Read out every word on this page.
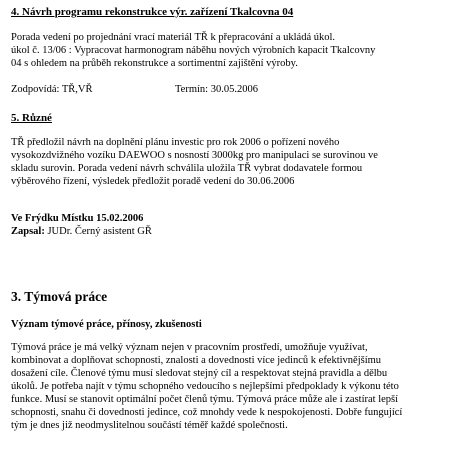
4. Návrh programu rekonstrukce výr. zařízení Tkalcovna 04
Porada vedení po projednání vrací materiál TŘ k přepracování a ukládá úkol.
úkol č. 13/06 : Vypracovat harmonogram náběhu nových výrobních kapacit Tkalcovny
04 s ohledem na průběh rekonstrukce a sortimentní zajištění výroby.
Zodpovídá: TŘ,VŘ	Termín: 30.05.2006
5. Různé
TŘ předložil návrh na doplnění plánu investic pro rok 2006 o pořízení nového
vysokozdvižného vozíku DAEWOO s nosností 3000kg pro manipulaci se surovinou ve
skladu surovin. Porada vedení návrh schválila uložila TŘ vybrat dodavatele formou
výběrového řízení, výsledek předložit poradě vedení do 30.06.2006
Ve Frýdku Místku 15.02.2006
Zapsal: JUDr. Černý asistent GŘ
3. Týmová práce
Význam týmové práce, přínosy, zkušenosti
Týmová práce je má velký význam nejen v pracovním prostředí, umožňuje využívat,
kombinovat a doplňovat schopnosti, znalosti a dovednosti více jedinců k efektivnějšímu
dosažení cíle. Členové týmu musí sledovat stejný cíl a respektovat stejná pravidla a dělbu
úkolů. Je potřeba najít v týmu schopného vedoucího s nejlepšími předpoklady k výkonu této
funkce. Musí se stanovit optimální počet členů týmu. Týmová práce může ale i zastírat lepší
schopnosti, snahu či dovednosti jedince, což mnohdy vede k nespokojenosti. Dobře fungující
tým je dnes již neodmyslitelnou součástí téměř každé společnosti.
